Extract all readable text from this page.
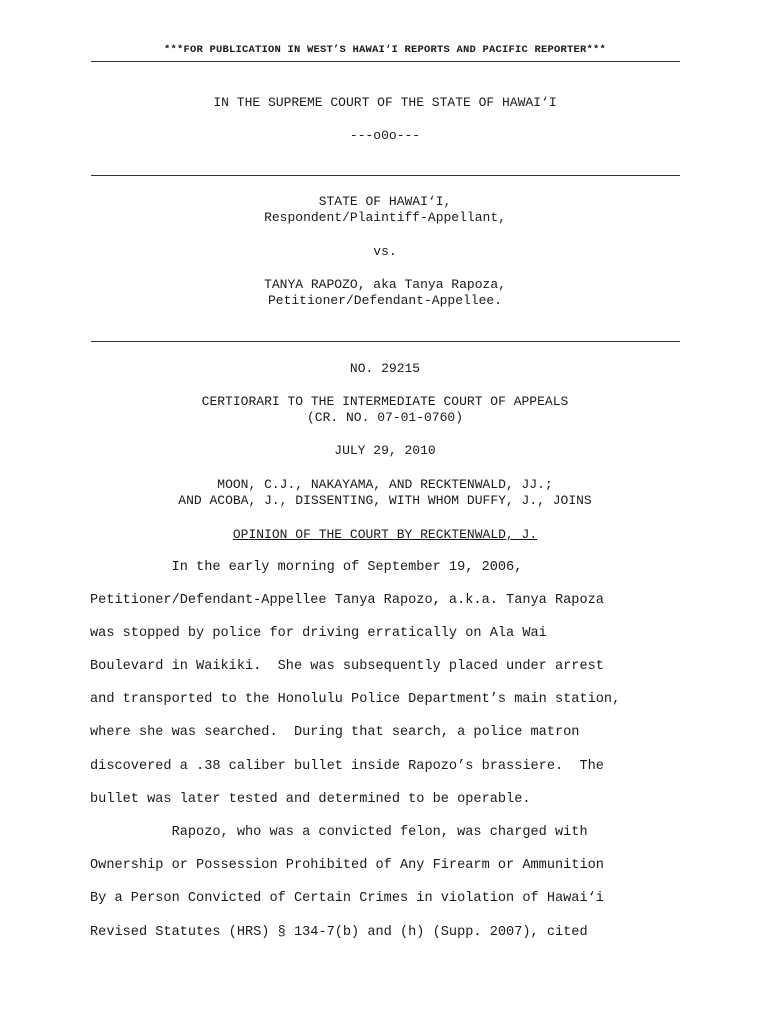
***FOR PUBLICATION IN WEST’S HAWAI‘I REPORTS AND PACIFIC REPORTER***
IN THE SUPREME COURT OF THE STATE OF HAWAI‘I
---o0o---
STATE OF HAWAI‘I,
Respondent/Plaintiff-Appellant,
vs.
TANYA RAPOZO, aka Tanya Rapoza,
Petitioner/Defendant-Appellee.
NO. 29215
CERTIORARI TO THE INTERMEDIATE COURT OF APPEALS
(CR. NO. 07-01-0760)
JULY 29, 2010
MOON, C.J., NAKAYAMA, AND RECKTENWALD, JJ.;
AND ACOBA, J., DISSENTING, WITH WHOM DUFFY, J., JOINS
OPINION OF THE COURT BY RECKTENWALD, J.
In the early morning of September 19, 2006,
Petitioner/Defendant-Appellee Tanya Rapozo, a.k.a. Tanya Rapoza
was stopped by police for driving erratically on Ala Wai
Boulevard in Waikiki.  She was subsequently placed under arrest
and transported to the Honolulu Police Department’s main station,
where she was searched.  During that search, a police matron
discovered a .38 caliber bullet inside Rapozo’s brassiere.  The
bullet was later tested and determined to be operable.
Rapozo, who was a convicted felon, was charged with
Ownership or Possession Prohibited of Any Firearm or Ammunition
By a Person Convicted of Certain Crimes in violation of Hawai‘i
Revised Statutes (HRS) § 134-7(b) and (h) (Supp. 2007), cited
